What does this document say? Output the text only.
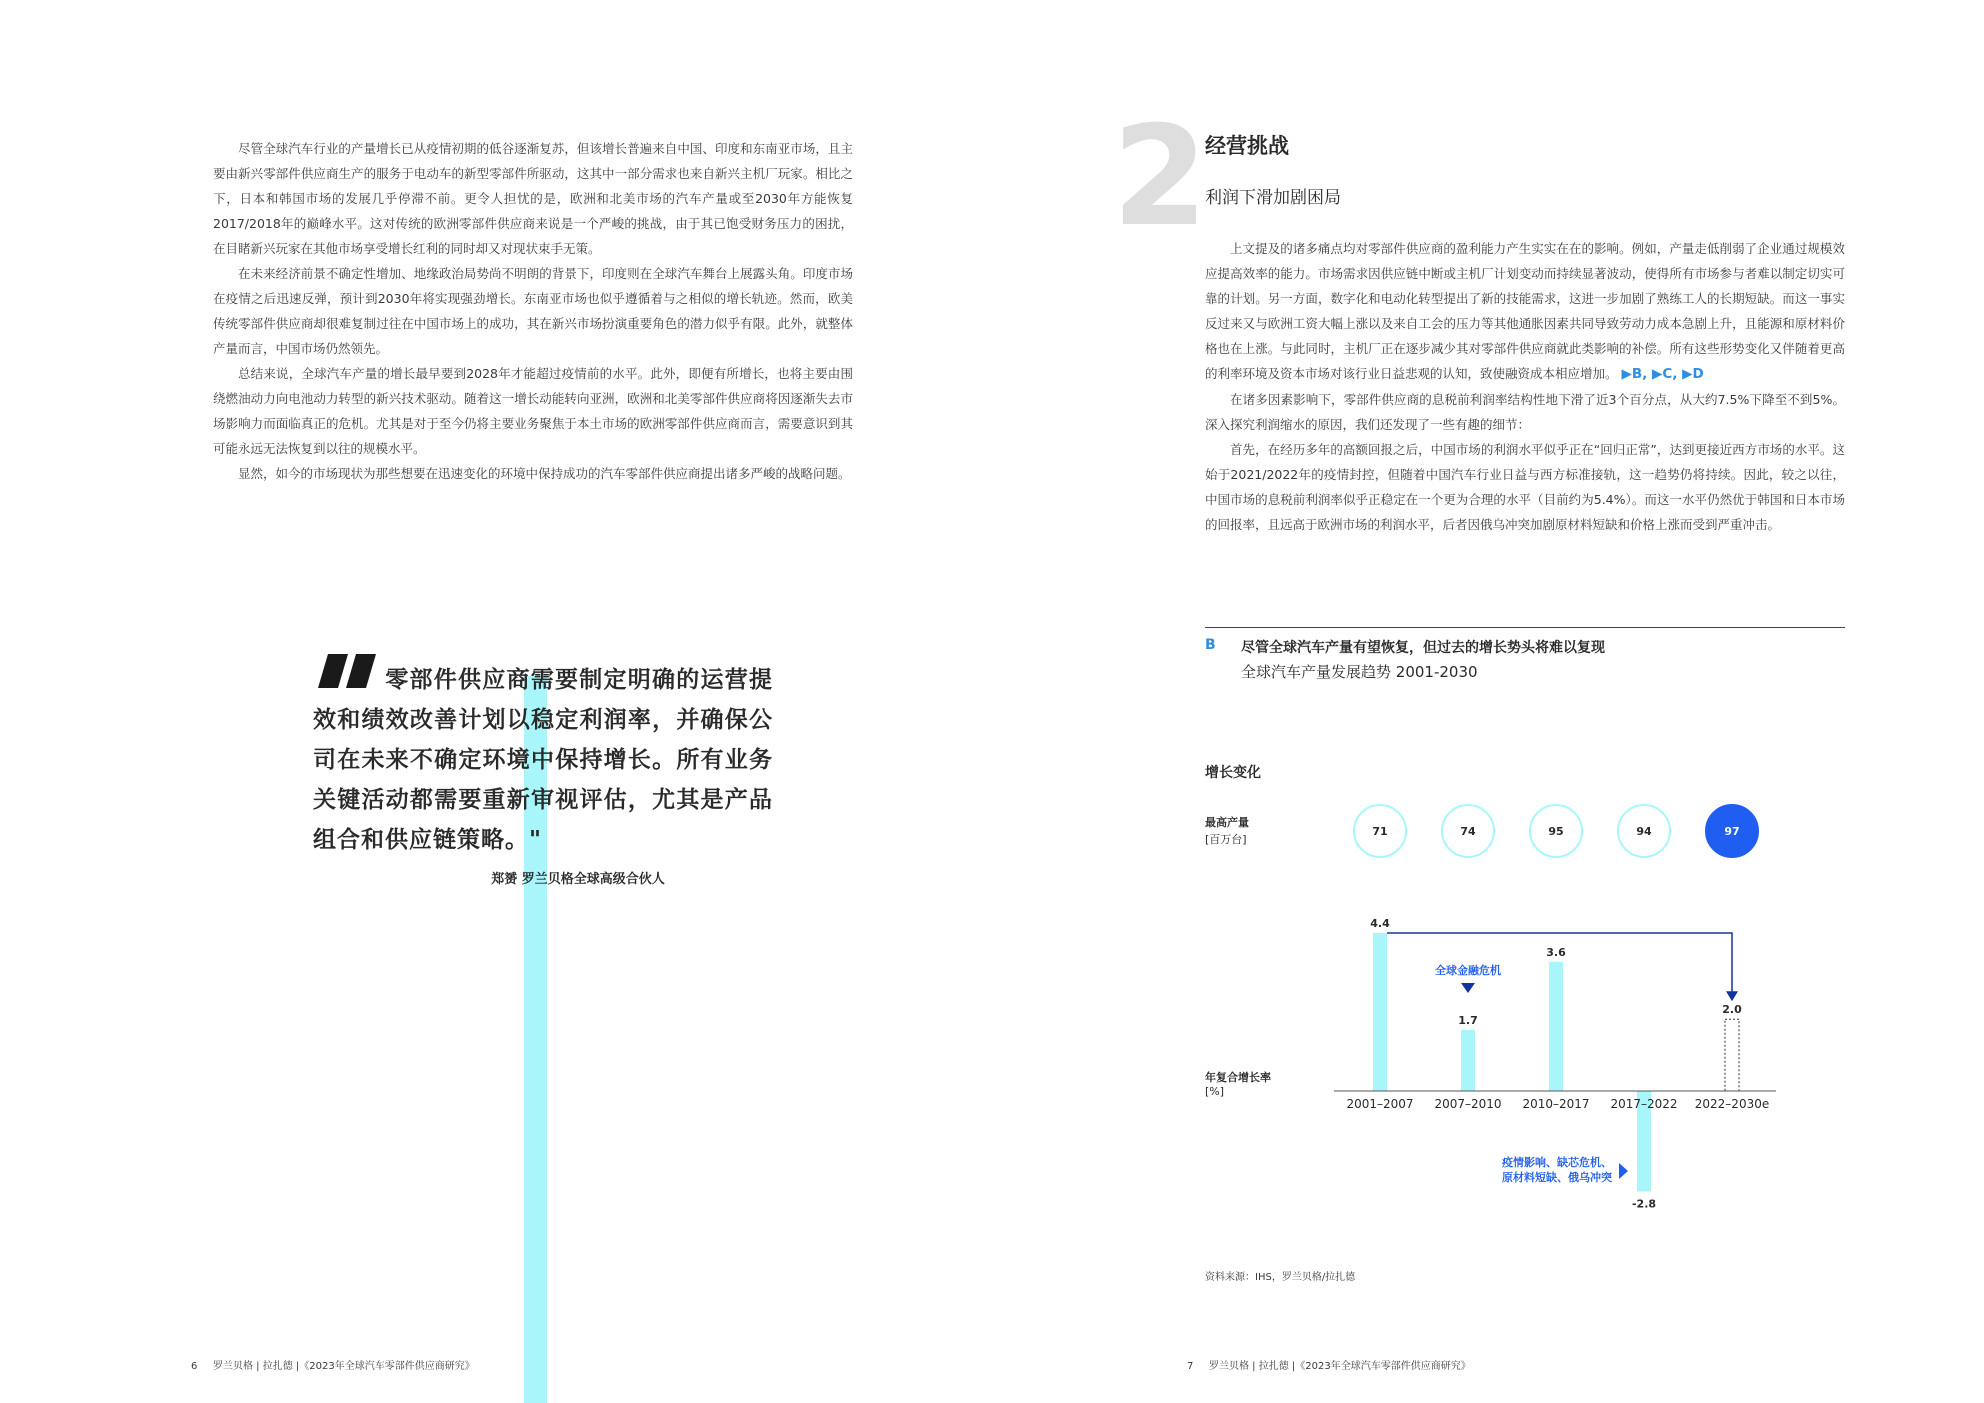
尽管全球汽车行业的产量增长已从疫情初期的低谷逐渐复苏，但该增长普遍来自中国、印度和东南亚市场，且主要由新兴零部件供应商生产的服务于电动车的新型零部件所驱动，这其中一部分需求也来自新兴主机厂玩家。相比之下，日本和韩国市场的发展几乎停滞不前。更令人担忧的是，欧洲和北美市场的汽车产量或至2030年方能恢复2017/2018年的巅峰水平。这对传统的欧洲零部件供应商来说是一个严峻的挑战，由于其已饱受财务压力的困扰，在目睹新兴玩家在其他市场享受增长红利的同时却又对现状束手无策。

在未来经济前景不确定性增加、地缘政治局势尚不明朗的背景下，印度则在全球汽车舞台上展露头角。印度市场在疫情之后迅速反弹，预计到2030年将实现强劲增长。东南亚市场也似乎遵循着与之相似的增长轨迹。然而，欧美传统零部件供应商却很难复制过往在中国市场上的成功，其在新兴市场扮演重要角色的潜力似乎有限。此外，就整体产量而言，中国市场仍然领先。

总结来说，全球汽车产量的增长最早要到2028年才能超过疫情前的水平。此外，即便有所增长，也将主要由围绕燃油动力向电池动力转型的新兴技术驱动。随着这一增长动能转向亚洲，欧洲和北美零部件供应商将因逐渐失去市场影响力而面临真正的危机。尤其是对于至今仍将主要业务聚焦于本土市场的欧洲零部件供应商而言，需要意识到其可能永远无法恢复到以往的规模水平。

显然，如今的市场现状为那些想要在迅速变化的环境中保持成功的汽车零部件供应商提出诸多严峻的战略问题。

零部件供应商需要制定明确的运营提效和绩效改善计划以稳定利润率，并确保公司在未来不确定环境中保持增长。所有业务关键活动都需要重新审视评估，尤其是产品组合和供应链策略。"
郑赟 罗兰贝格全球高级合伙人
6 罗兰贝格 | 拉扎德 |《2023年全球汽车零部件供应商研究》
2
经营挑战
利润下滑加剧困局

上文提及的诸多痛点均对零部件供应商的盈利能力产生实实在在的影响。例如，产量走低削弱了企业通过规模效应提高效率的能力。市场需求因供应链中断或主机厂计划变动而持续显著波动，使得所有市场参与者难以制定切实可靠的计划。另一方面，数字化和电动化转型提出了新的技能需求，这进一步加剧了熟练工人的长期短缺。而这一事实反过来又与欧洲工资大幅上涨以及来自工会的压力等其他通胀因素共同导致劳动力成本急剧上升，且能源和原材料价格也在上涨。与此同时，主机厂正在逐步减少其对零部件供应商就此类影响的补偿。所有这些形势变化又伴随着更高的利率环境及资本市场对该行业日益悲观的认知，致使融资成本相应增加。 ▶B, ▶C, ▶D

在诸多因素影响下，零部件供应商的息税前利润率结构性地下滑了近3个百分点，从大约7.5%下降至不到5%。深入探究利润缩水的原因，我们还发现了一些有趣的细节：

首先，在经历多年的高额回报之后，中国市场的利润水平似乎正在“回归正常”，达到更接近西方市场的水平。这始于2021/2022年的疫情封控，但随着中国汽车行业日益与西方标准接轨，这一趋势仍将持续。因此，较之以往，中国市场的息税前利润率似乎正稳定在一个更为合理的水平（目前约为5.4%）。而这一水平仍然优于韩国和日本市场的回报率，且远高于欧洲市场的利润水平，后者因俄乌冲突加剧原材料短缺和价格上涨而受到严重冲击。

B 尽管全球汽车产量有望恢复，但过去的增长势头将难以复现
全球汽车产量发展趋势 2001-2030
增长变化
最高产量
[百万台]
年复合增长率
[%]
71	74	95	94	97
4.4
1.7
3.6
-2.8
2.0
2001–2007 2007–2010 2010–2017 2017–2022 2022–2030e
全球金融危机
疫情影响、缺芯危机、
原材料短缺、俄乌冲突
资料来源：IHS，罗兰贝格/拉扎德
7 罗兰贝格 | 拉扎德 |《2023年全球汽车零部件供应商研究》
